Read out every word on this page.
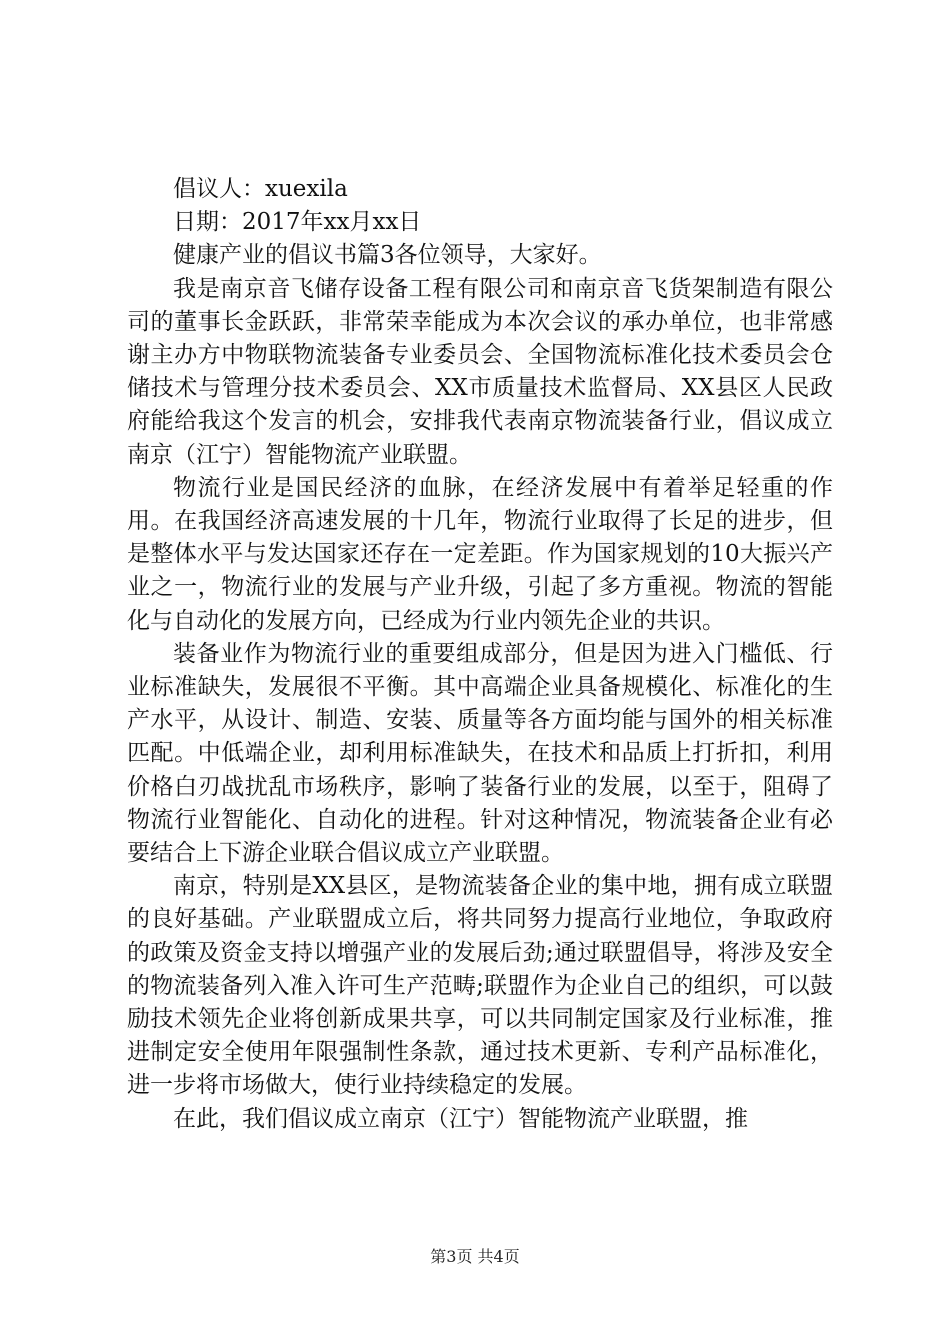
倡议人：xuexila

日期：2017年xx月xx日

健康产业的倡议书篇3各位领导，大家好。

我是南京音飞储存设备工程有限公司和南京音飞货架制造有限公司的董事长金跃跃，非常荣幸能成为本次会议的承办单位，也非常感谢主办方中物联物流装备专业委员会、全国物流标准化技术委员会仓储技术与管理分技术委员会、XX市质量技术监督局、XX县区人民政府能给我这个发言的机会，安排我代表南京物流装备行业，倡议成立南京（江宁）智能物流产业联盟。

物流行业是国民经济的血脉，在经济发展中有着举足轻重的作用。在我国经济高速发展的十几年，物流行业取得了长足的进步，但是整体水平与发达国家还存在一定差距。作为国家规划的10大振兴产业之一，物流行业的发展与产业升级，引起了多方重视。物流的智能化与自动化的发展方向，已经成为行业内领先企业的共识。

装备业作为物流行业的重要组成部分，但是因为进入门槛低、行业标准缺失，发展很不平衡。其中高端企业具备规模化、标准化的生产水平，从设计、制造、安装、质量等各方面均能与国外的相关标准匹配。中低端企业，却利用标准缺失，在技术和品质上打折扣，利用价格白刃战扰乱市场秩序，影响了装备行业的发展，以至于，阻碍了物流行业智能化、自动化的进程。针对这种情况，物流装备企业有必要结合上下游企业联合倡议成立产业联盟。

南京，特别是XX县区，是物流装备企业的集中地，拥有成立联盟的良好基础。产业联盟成立后，将共同努力提高行业地位，争取政府的政策及资金支持以增强产业的发展后劲;通过联盟倡导，将涉及安全的物流装备列入准入许可生产范畴;联盟作为企业自己的组织，可以鼓励技术领先企业将创新成果共享，可以共同制定国家及行业标准，推进制定安全使用年限强制性条款，通过技术更新、专利产品标准化，进一步将市场做大，使行业持续稳定的发展。

在此，我们倡议成立南京（江宁）智能物流产业联盟，推

第3页 共4页
